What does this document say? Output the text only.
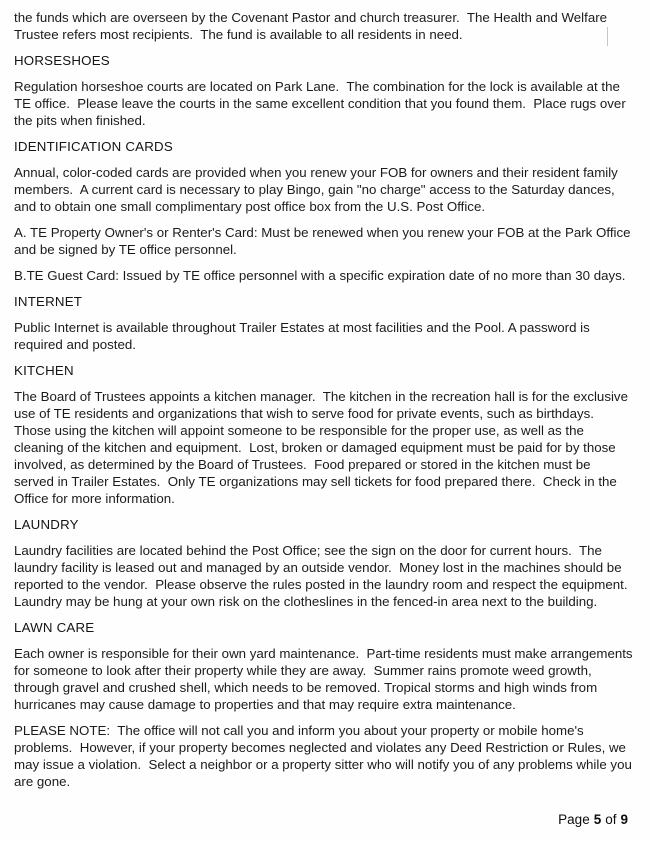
the funds which are overseen by the Covenant Pastor and church treasurer.  The Health and Welfare
Trustee refers most recipients.  The fund is available to all residents in need.
HORSESHOES
Regulation horseshoe courts are located on Park Lane.  The combination for the lock is available at the
TE office.  Please leave the courts in the same excellent condition that you found them.  Place rugs over
the pits when finished.
IDENTIFICATION CARDS
Annual, color-coded cards are provided when you renew your FOB for owners and their resident family
members.  A current card is necessary to play Bingo, gain "no charge" access to the Saturday dances,
and to obtain one small complimentary post office box from the U.S. Post Office.
A. TE Property Owner's or Renter's Card: Must be renewed when you renew your FOB at the Park Office
and be signed by TE office personnel.
B.TE Guest Card: Issued by TE office personnel with a specific expiration date of no more than 30 days.
INTERNET
Public Internet is available throughout Trailer Estates at most facilities and the Pool. A password is
required and posted.
KITCHEN
The Board of Trustees appoints a kitchen manager.  The kitchen in the recreation hall is for the exclusive
use of TE residents and organizations that wish to serve food for private events, such as birthdays.
Those using the kitchen will appoint someone to be responsible for the proper use, as well as the
cleaning of the kitchen and equipment.  Lost, broken or damaged equipment must be paid for by those
involved, as determined by the Board of Trustees.  Food prepared or stored in the kitchen must be
served in Trailer Estates.  Only TE organizations may sell tickets for food prepared there.  Check in the
Office for more information.
LAUNDRY
Laundry facilities are located behind the Post Office; see the sign on the door for current hours.  The
laundry facility is leased out and managed by an outside vendor.  Money lost in the machines should be
reported to the vendor.  Please observe the rules posted in the laundry room and respect the equipment.
Laundry may be hung at your own risk on the clotheslines in the fenced-in area next to the building.
LAWN CARE
Each owner is responsible for their own yard maintenance.  Part-time residents must make arrangements
for someone to look after their property while they are away.  Summer rains promote weed growth,
through gravel and crushed shell, which needs to be removed. Tropical storms and high winds from
hurricanes may cause damage to properties and that may require extra maintenance.
PLEASE NOTE:  The office will not call you and inform you about your property or mobile home's
problems.  However, if your property becomes neglected and violates any Deed Restriction or Rules, we
may issue a violation.  Select a neighbor or a property sitter who will notify you of any problems while you
are gone.
Page 5 of 9
